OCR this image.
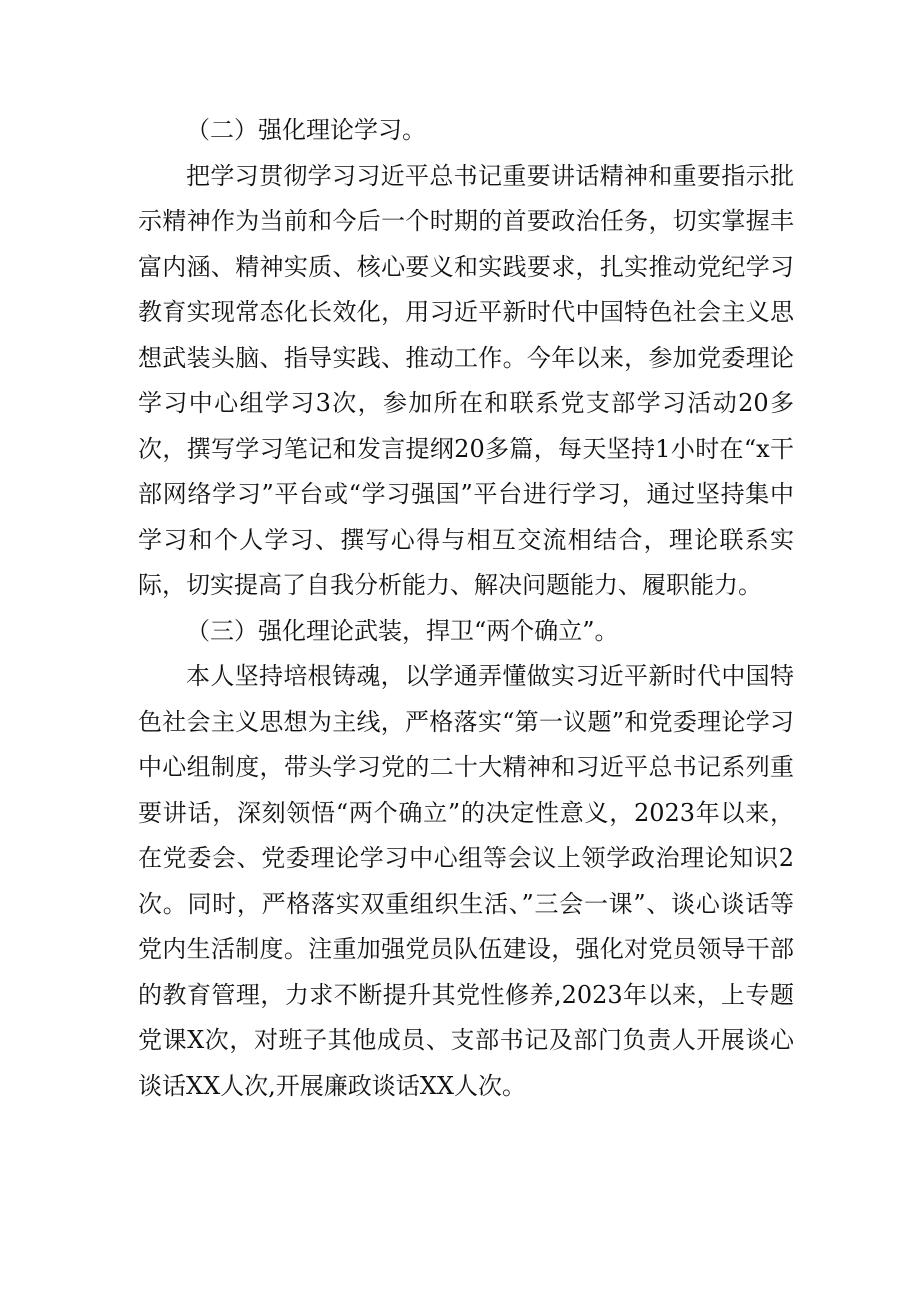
（二）强化理论学习。

把学习贯彻学习习近平总书记重要讲话精神和重要指示批示精神作为当前和今后一个时期的首要政治任务，切实掌握丰富内涵、精神实质、核心要义和实践要求，扎实推动党纪学习教育实现常态化长效化，用习近平新时代中国特色社会主义思想武装头脑、指导实践、推动工作。今年以来，参加党委理论学习中心组学习3次，参加所在和联系党支部学习活动20多次，撰写学习笔记和发言提纲20多篇，每天坚持1小时在“x干部网络学习”平台或“学习强国”平台进行学习，通过坚持集中学习和个人学习、撰写心得与相互交流相结合，理论联系实际，切实提高了自我分析能力、解决问题能力、履职能力。

（三）强化理论武装，捍卫“两个确立”。

本人坚持培根铸魂，以学通弄懂做实习近平新时代中国特色社会主义思想为主线，严格落实“第一议题”和党委理论学习中心组制度，带头学习党的二十大精神和习近平总书记系列重要讲话，深刻领悟“两个确立”的决定性意义，2023年以来，在党委会、党委理论学习中心组等会议上领学政治理论知识2次。同时，严格落实双重组织生活、”三会一课”、谈心谈话等党内生活制度。注重加强党员队伍建设，强化对党员领导干部的教育管理，力求不断提升其党性修养,2023年以来，上专题党课X次，对班子其他成员、支部书记及部门负责人开展谈心谈话XX人次,开展廉政谈话XX人次。
